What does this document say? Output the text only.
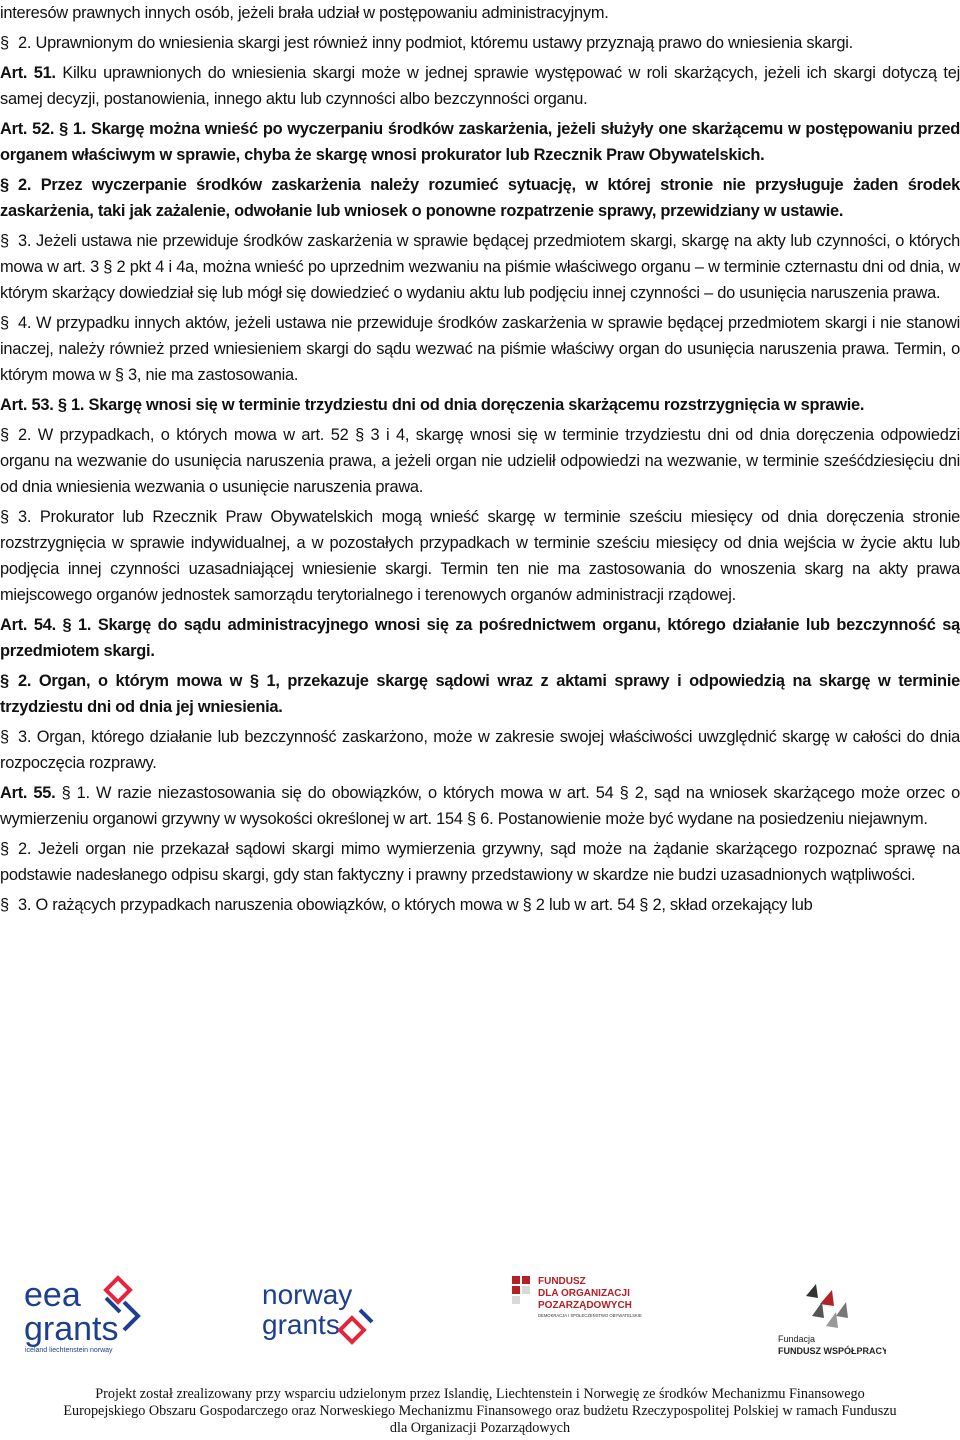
interesów prawnych innych osób, jeżeli brała udział w postępowaniu administracyjnym.

§ 2. Uprawnionym do wniesienia skargi jest również inny podmiot, któremu ustawy przyznają prawo do wniesienia skargi.

Art. 51. Kilku uprawnionych do wniesienia skargi może w jednej sprawie występować w roli skarżących, jeżeli ich skargi dotyczą tej samej decyzji, postanowienia, innego aktu lub czynności albo bezczynności organu.

Art. 52. § 1. Skargę można wnieść po wyczerpaniu środków zaskarżenia, jeżeli służyły one skarżącemu w postępowaniu przed organem właściwym w sprawie, chyba że skargę wnosi prokurator lub Rzecznik Praw Obywatelskich.

§ 2. Przez wyczerpanie środków zaskarżenia należy rozumieć sytuację, w której stronie nie przysługuje żaden środek zaskarżenia, taki jak zażalenie, odwołanie lub wniosek o ponowne rozpatrzenie sprawy, przewidziany w ustawie.

§ 3. Jeżeli ustawa nie przewiduje środków zaskarżenia w sprawie będącej przedmiotem skargi, skargę na akty lub czynności, o których mowa w art. 3 § 2 pkt 4 i 4a, można wnieść po uprzednim wezwaniu na piśmie właściwego organu – w terminie czternastu dni od dnia, w którym skarżący dowiedział się lub mógł się dowiedzieć o wydaniu aktu lub podjęciu innej czynności – do usunięcia naruszenia prawa.

§ 4. W przypadku innych aktów, jeżeli ustawa nie przewiduje środków zaskarżenia w sprawie będącej przedmiotem skargi i nie stanowi inaczej, należy również przed wniesieniem skargi do sądu wezwać na piśmie właściwy organ do usunięcia naruszenia prawa. Termin, o którym mowa w § 3, nie ma zastosowania.

Art. 53. § 1. Skargę wnosi się w terminie trzydziestu dni od dnia doręczenia skarżącemu rozstrzygnięcia w sprawie.

§ 2. W przypadkach, o których mowa w art. 52 § 3 i 4, skargę wnosi się w terminie trzydziestu dni od dnia doręczenia odpowiedzi organu na wezwanie do usunięcia naruszenia prawa, a jeżeli organ nie udzielił odpowiedzi na wezwanie, w terminie sześćdziesięciu dni od dnia wniesienia wezwania o usunięcie naruszenia prawa.

§ 3. Prokurator lub Rzecznik Praw Obywatelskich mogą wnieść skargę w terminie sześciu miesięcy od dnia doręczenia stronie rozstrzygnięcia w sprawie indywidualnej, a w pozostałych przypadkach w terminie sześciu miesięcy od dnia wejścia w życie aktu lub podjęcia innej czynności uzasadniającej wniesienie skargi. Termin ten nie ma zastosowania do wnoszenia skarg na akty prawa miejscowego organów jednostek samorządu terytorialnego i terenowych organów administracji rządowej.

Art. 54. § 1. Skargę do sądu administracyjnego wnosi się za pośrednictwem organu, którego działanie lub bezczynność są przedmiotem skargi.

§ 2. Organ, o którym mowa w § 1, przekazuje skargę sądowi wraz z aktami sprawy i odpowiedzią na skargę w terminie trzydziestu dni od dnia jej wniesienia.

§ 3. Organ, którego działanie lub bezczynność zaskarżono, może w zakresie swojej właściwości uwzględnić skargę w całości do dnia rozpoczęcia rozprawy.

Art. 55. § 1. W razie niezastosowania się do obowiązków, o których mowa w art. 54 § 2, sąd na wniosek skarżącego może orzec o wymierzeniu organowi grzywny w wysokości określonej w art. 154 § 6. Postanowienie może być wydane na posiedzeniu niejawnym.

§ 2. Jeżeli organ nie przekazał sądowi skargi mimo wymierzenia grzywny, sąd może na żądanie skarżącego rozpoznać sprawę na podstawie nadesłanego odpisu skargi, gdy stan faktyczny i prawny przedstawiony w skardze nie budzi uzasadnionych wątpliwości.

§ 3. O rażących przypadkach naruszenia obowiązków, o których mowa w § 2 lub w art. 54 § 2, skład orzekający lub

eea
grants
iceland liechtenstein norway
norway
grants
FUNDUSZ
DLA ORGANIZACJI
POZARZĄDOWYCH
DEMOKRACJA I SPOŁECZEŃSTWO OBYWATELSKIE
Fundacja
FUNDUSZ WSPÓŁPRACY
Projekt został zrealizowany przy wsparciu udzielonym przez Islandię, Liechtenstein i Norwegię ze środków Mechanizmu Finansowego
Europejskiego Obszaru Gospodarczego oraz Norweskiego Mechanizmu Finansowego oraz budżetu Rzeczypospolitej Polskiej w ramach Funduszu
dla Organizacji Pozarządowych
